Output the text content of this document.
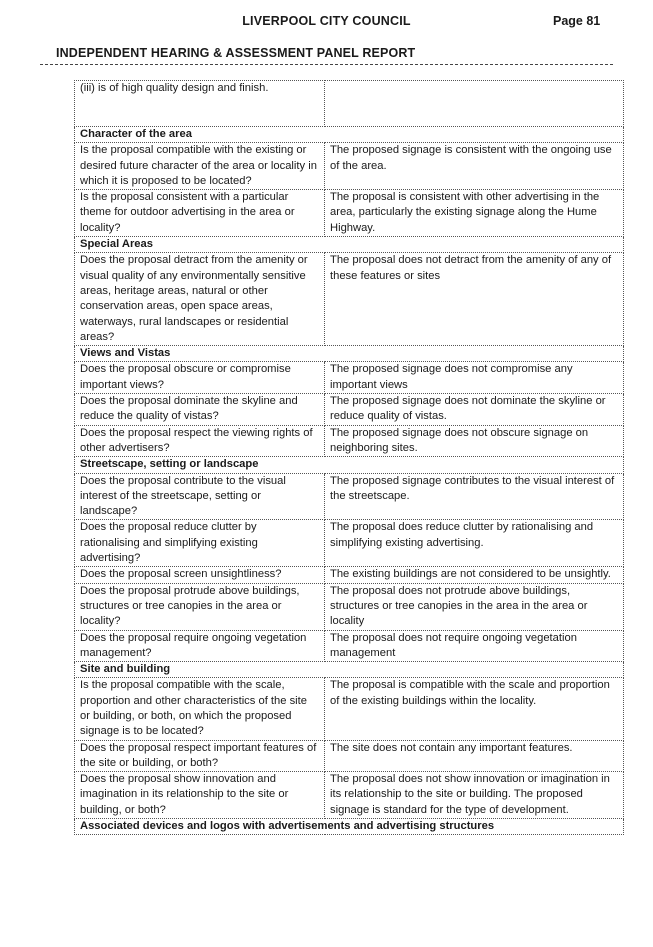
LIVERPOOL CITY COUNCIL	Page 81
INDEPENDENT HEARING & ASSESSMENT PANEL REPORT
(iii) is of high quality design and finish.	
Character of the area	
Is the proposal compatible with the existing or desired future character of the area or locality in which it is proposed to be located?	The proposed signage is consistent with the ongoing use of the area.
Is the proposal consistent with a particular theme for outdoor advertising in the area or locality?	The proposal is consistent with other advertising in the area, particularly the existing signage along the Hume Highway.
Special Areas	
Does the proposal detract from the amenity or visual quality of any environmentally sensitive areas, heritage areas, natural or other conservation areas, open space areas, waterways, rural landscapes or residential areas?	The proposal does not detract from the amenity of any of these features or sites
Views and Vistas	
Does the proposal obscure or compromise important views?	The proposed signage does not compromise any important views
Does the proposal dominate the skyline and reduce the quality of vistas?	The proposed signage does not dominate the skyline or reduce quality of vistas.
Does the proposal respect the viewing rights of other advertisers?	The proposed signage does not obscure signage on neighboring sites.
Streetscape, setting or landscape	
Does the proposal contribute to the visual interest of the streetscape, setting or landscape?	The proposed signage contributes to the visual interest of the streetscape.
Does the proposal reduce clutter by rationalising and simplifying existing advertising?	The proposal does reduce clutter by rationalising and simplifying existing advertising.
Does the proposal screen unsightliness?	The existing buildings are not considered to be unsightly.
Does the proposal protrude above buildings, structures or tree canopies in the area or locality?	The proposal does not protrude above buildings, structures or tree canopies in the area in the area or locality
Does the proposal require ongoing vegetation management?	The proposal does not require ongoing vegetation management
Site and building	
Is the proposal compatible with the scale, proportion and other characteristics of the site or building, or both, on which the proposed signage is to be located?	The proposal is compatible with the scale and proportion of the existing buildings within the locality.
Does the proposal respect important features of the site or building, or both?	The site does not contain any important features.
Does the proposal show innovation and imagination in its relationship to the site or building, or both?	The proposal does not show innovation or imagination in its relationship to the site or building. The proposed signage is standard for the type of development.
Associated devices and logos with advertisements and advertising structures	
